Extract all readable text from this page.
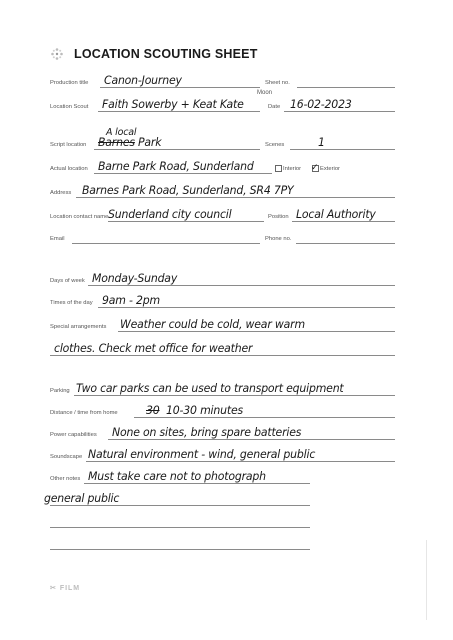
LOCATION SCOUTING SHEET
Production title Canon-Journey	Sheet no.
Location Scout Faith Sowerby + Keat Kate
Moon
Date 16-02-2023
A local
Script location Barnes Park	Scenes	1
Actual location Barne Park Road, Sunderland	Interior ✓ Exterior
Address Barnes Park Road, Sunderland, SR4 7PY
Location contact name Sunderland city council	Position Local Authority
Email	Phone no.
Days of week Monday-Sunday
Times of the day 9am - 2pm
Special arrangements Weather could be cold, wear warm
clothes. Check met office for weather
Parking Two car parks can be used to transport equipment
Distance / time from home 30 10-30 minutes
Power capabilities None on sites, bring spare batteries
Soundscape Natural environment - wind, general public
Other notes Must take care not to photograph
general public
✂ FILM
